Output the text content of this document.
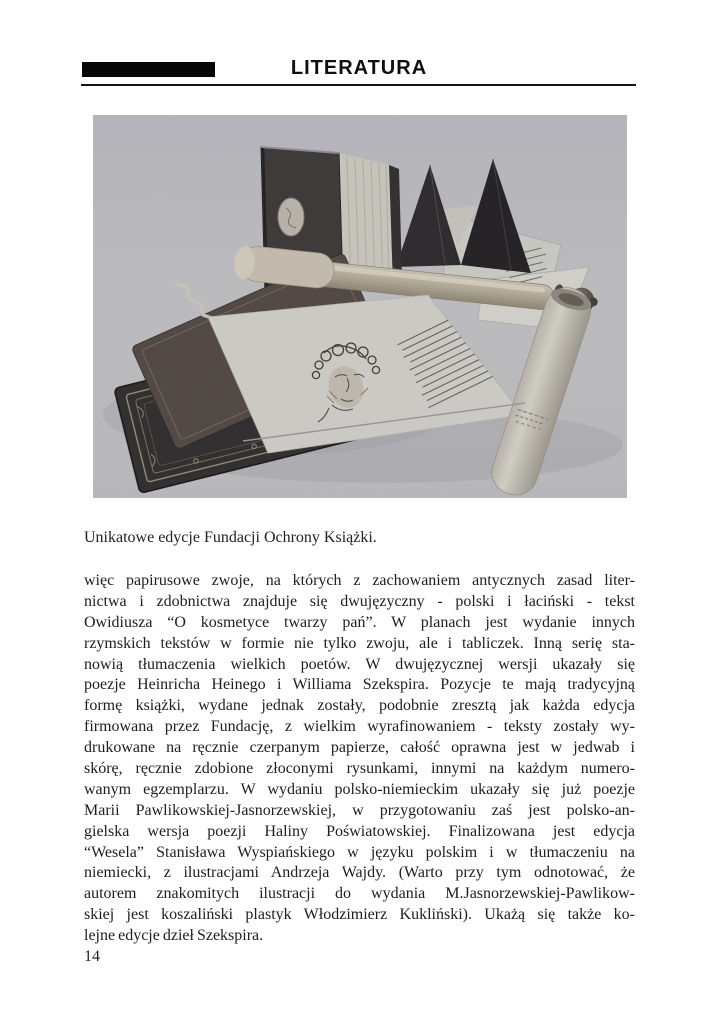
LITERATURA
Unikatowe edycje Fundacji Ochrony Książki.
więc papirusowe zwoje, na których z zachowaniem antycznych zasad liter-
nictwa i zdobnictwa znajduje się dwujęzyczny - polski i łaciński - tekst
Owidiusza “O kosmetyce twarzy pań”. W planach jest wydanie innych
rzymskich tekstów w formie nie tylko zwoju, ale i tabliczek. Inną serię sta-
nowią tłumaczenia wielkich poetów. W dwujęzycznej wersji ukazały się
poezje Heinricha Heinego i Williama Szekspira. Pozycje te mają tradycyjną
formę książki, wydane jednak zostały, podobnie zresztą jak każda edycja
firmowana przez Fundację, z wielkim wyrafinowaniem - teksty zostały wy-
drukowane na ręcznie czerpanym papierze, całość oprawna jest w jedwab i
skórę, ręcznie zdobione złoconymi rysunkami, innymi na każdym numero-
wanym egzemplarzu. W wydaniu polsko-niemieckim ukazały się już poezje
Marii Pawlikowskiej-Jasnorzewskiej, w przygotowaniu zaś jest polsko-an-
gielska wersja poezji Haliny Poświatowskiej. Finalizowana jest edycja
“Wesela” Stanisława Wyspiańskiego w języku polskim i w tłumaczeniu na
niemiecki, z ilustracjami Andrzeja Wajdy. (Warto przy tym odnotować, że
autorem znakomitych ilustracji do wydania M.Jasnorzewskiej-Pawlikow-
skiej jest koszaliński plastyk Włodzimierz Kukliński). Ukażą się także ko-
lejne edycje dzieł Szekspira.
14
